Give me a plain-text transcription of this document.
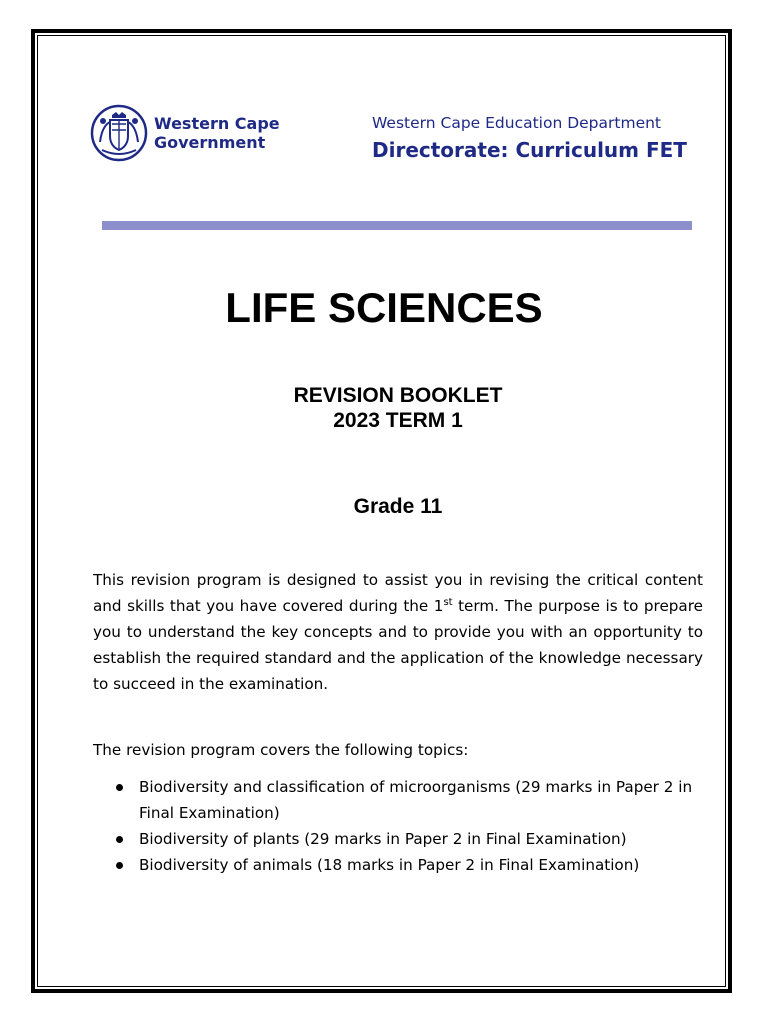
Western Cape
Government
Western Cape Education Department
Directorate: Curriculum FET
LIFE SCIENCES
REVISION BOOKLET
2023 TERM 1
Grade 11

This revision program is designed to assist you in revising the critical content and skills that you have covered during the 1st term. The purpose is to prepare you to understand the key concepts and to provide you with an opportunity to establish the required standard and the application of the knowledge necessary to succeed in the examination.

The revision program covers the following topics:

Biodiversity and classification of microorganisms (29 marks in Paper 2 in Final Examination)
Biodiversity of plants (29 marks in Paper 2 in Final Examination)
Biodiversity of animals (18 marks in Paper 2 in Final Examination)
